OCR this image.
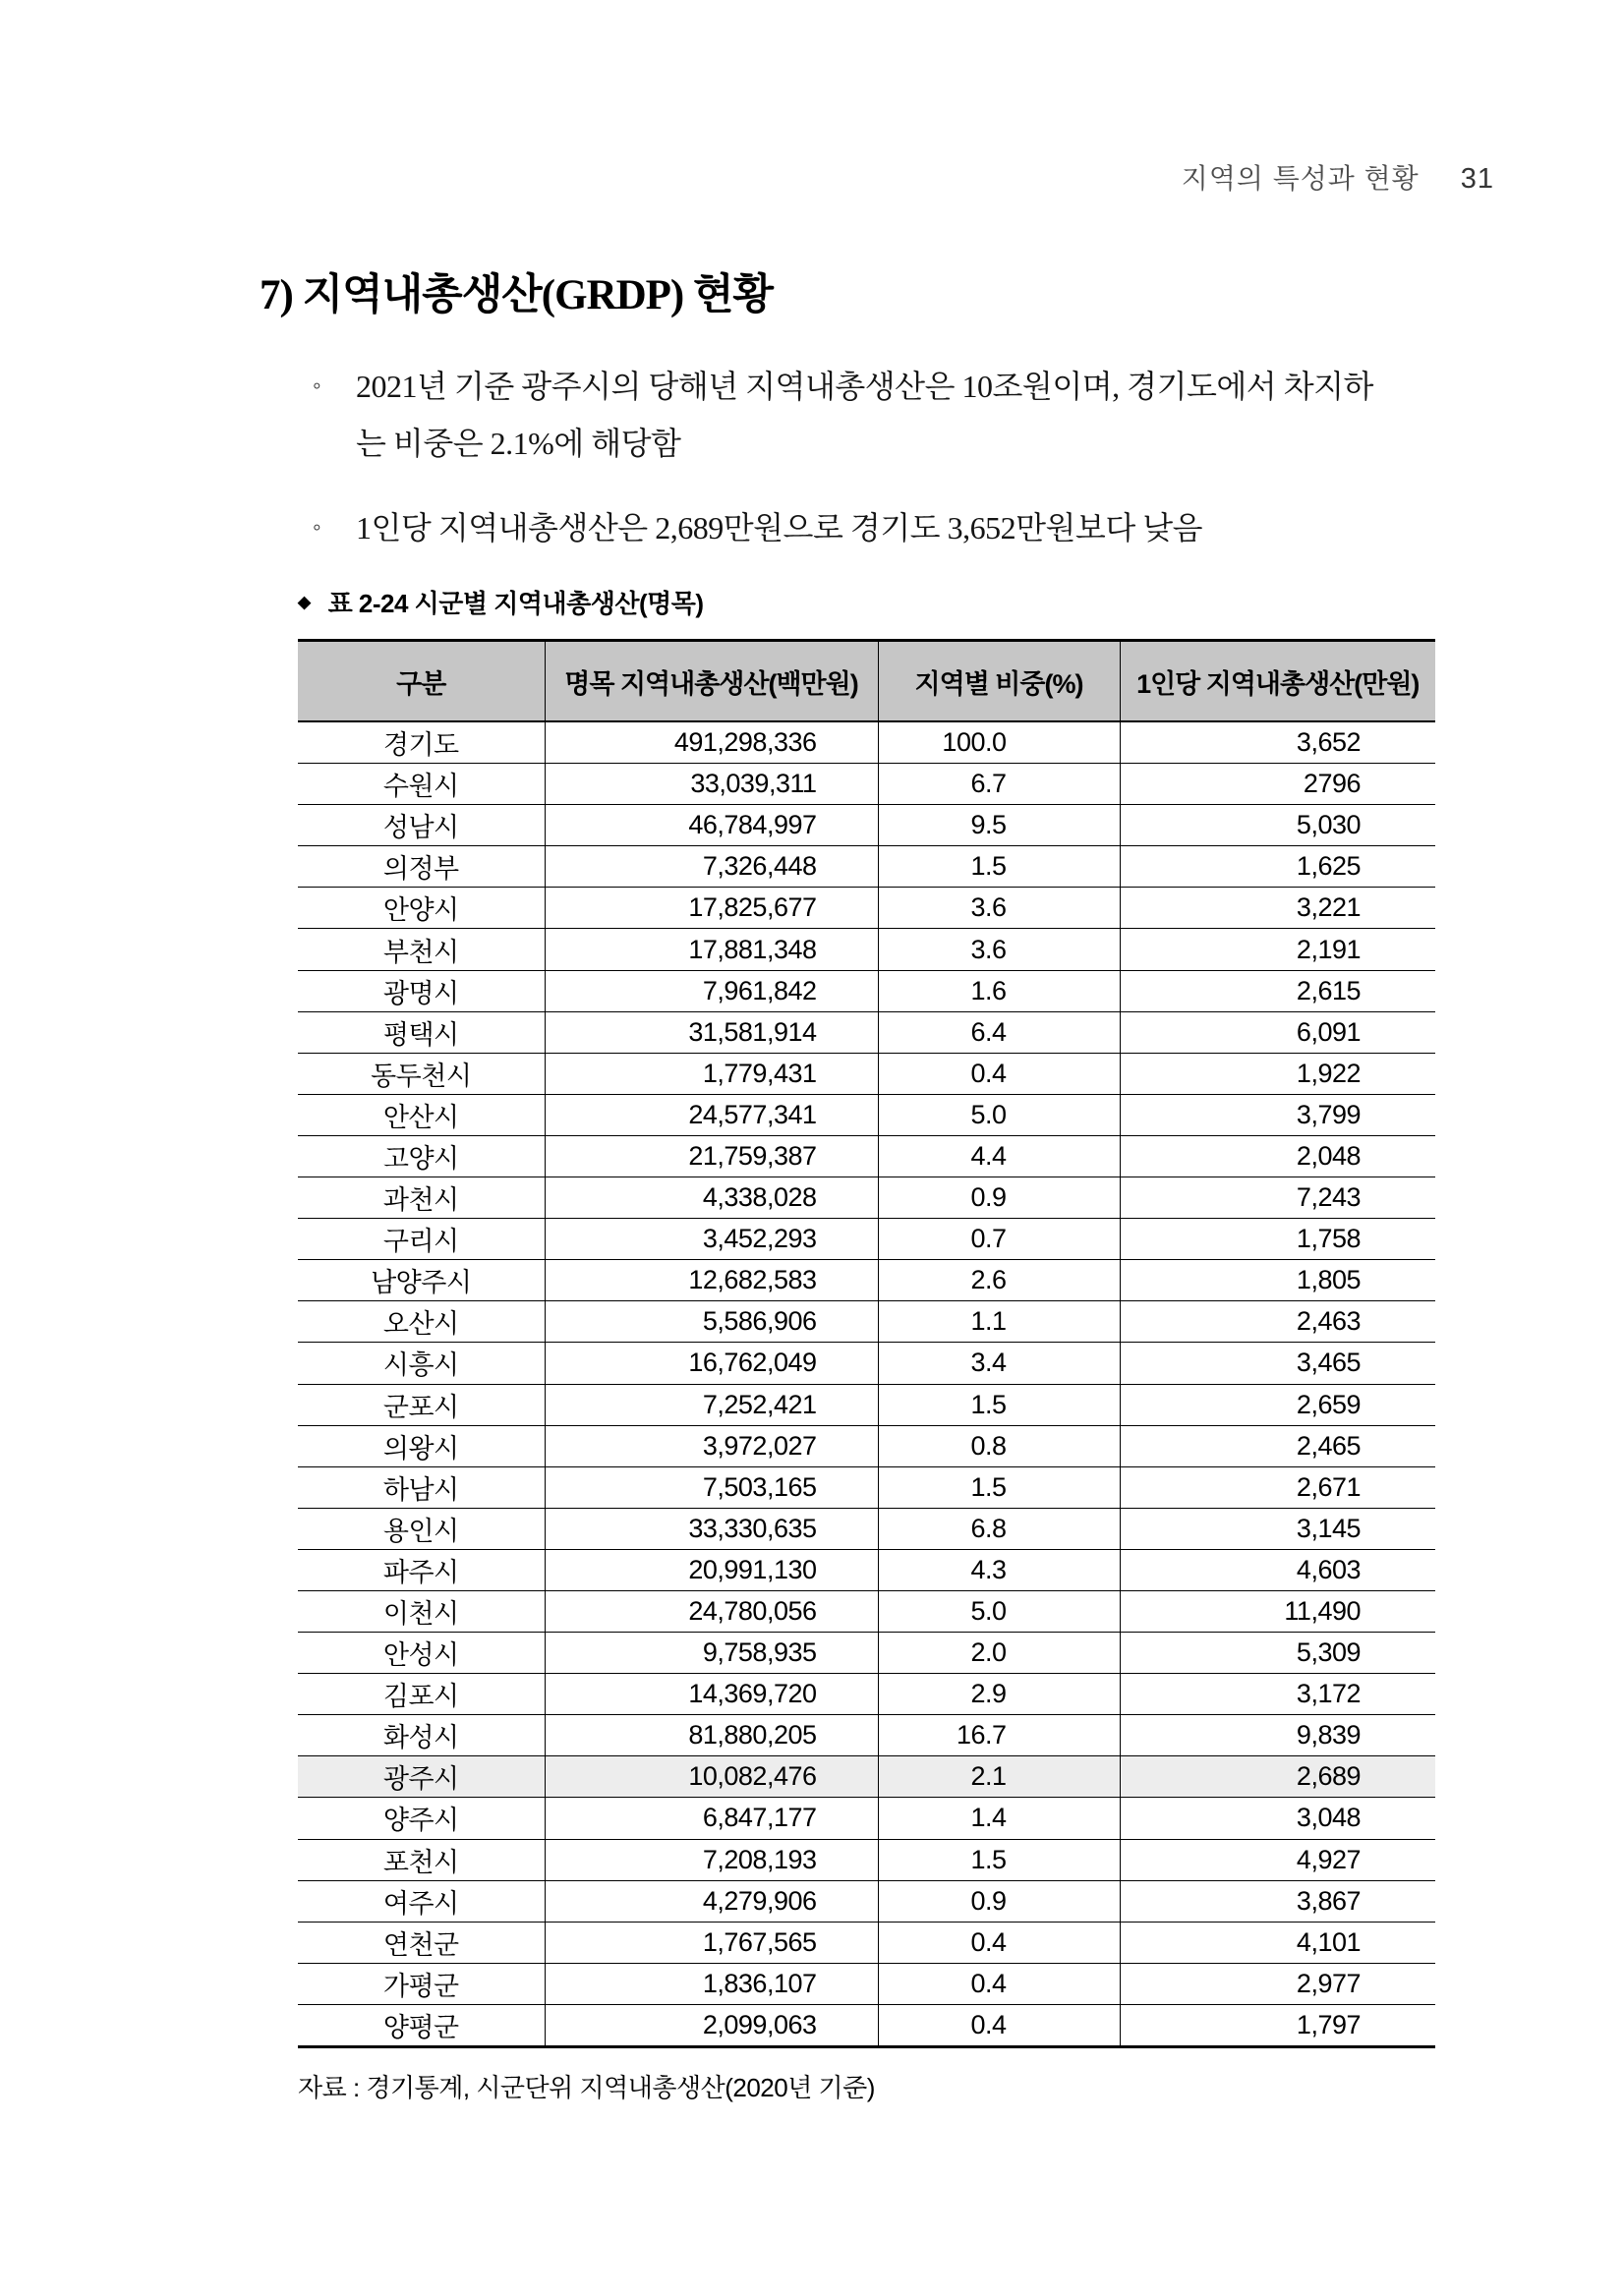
지역의 특성과 현황 31
7) 지역내총생산(GRDP) 현황
◦	2021년 기준 광주시의 당해년 지역내총생산은 10조원이며, 경기도에서 차지하
는 비중은 2.1%에 해당함
◦	1인당 지역내총생산은 2,689만원으로 경기도 3,652만원보다 낮음
◆ 표 2-24 시군별 지역내총생산(명목)
구분	명목 지역내총생산(백만원)	지역별 비중(%)	1인당 지역내총생산(만원)
경기도	491,298,336	100.0	3,652
수원시	33,039,311	6.7	2796
성남시	46,784,997	9.5	5,030
의정부	7,326,448	1.5	1,625
안양시	17,825,677	3.6	3,221
부천시	17,881,348	3.6	2,191
광명시	7,961,842	1.6	2,615
평택시	31,581,914	6.4	6,091
동두천시	1,779,431	0.4	1,922
안산시	24,577,341	5.0	3,799
고양시	21,759,387	4.4	2,048
과천시	4,338,028	0.9	7,243
구리시	3,452,293	0.7	1,758
남양주시	12,682,583	2.6	1,805
오산시	5,586,906	1.1	2,463
시흥시	16,762,049	3.4	3,465
군포시	7,252,421	1.5	2,659
의왕시	3,972,027	0.8	2,465
하남시	7,503,165	1.5	2,671
용인시	33,330,635	6.8	3,145
파주시	20,991,130	4.3	4,603
이천시	24,780,056	5.0	11,490
안성시	9,758,935	2.0	5,309
김포시	14,369,720	2.9	3,172
화성시	81,880,205	16.7	9,839
광주시	10,082,476	2.1	2,689
양주시	6,847,177	1.4	3,048
포천시	7,208,193	1.5	4,927
여주시	4,279,906	0.9	3,867
연천군	1,767,565	0.4	4,101
가평군	1,836,107	0.4	2,977
양평군	2,099,063	0.4	1,797
자료 : 경기통계, 시군단위 지역내총생산(2020년 기준)
